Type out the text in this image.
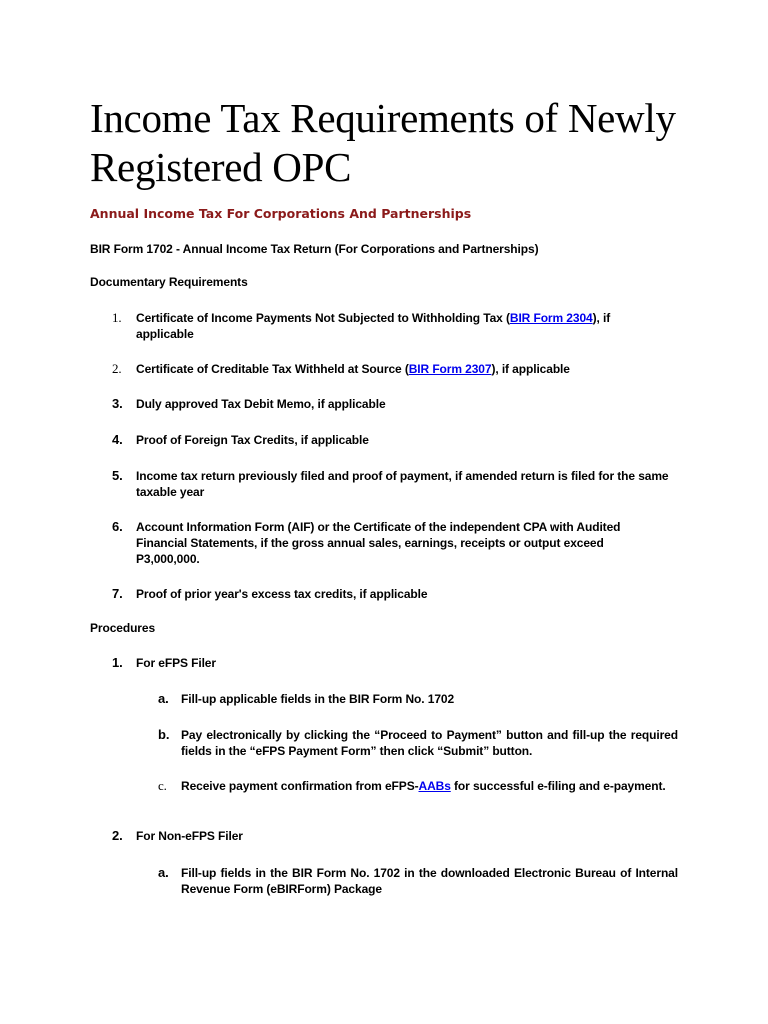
Income Tax Requirements of Newly Registered OPC

Annual Income Tax For Corporations And Partnerships

BIR Form 1702 - Annual Income Tax Return (For Corporations and Partnerships)

Documentary Requirements

1. Certificate of Income Payments Not Subjected to Withholding Tax (BIR Form 2304), if applicable
2. Certificate of Creditable Tax Withheld at Source (BIR Form 2307), if applicable
3. Duly approved Tax Debit Memo, if applicable
4. Proof of Foreign Tax Credits, if applicable
5. Income tax return previously filed and proof of payment, if amended return is filed for the same taxable year
6. Account Information Form (AIF) or the Certificate of the independent CPA with Audited Financial Statements, if the gross annual sales, earnings, receipts or output exceed P3,000,000.
7. Proof of prior year's excess tax credits, if applicable

Procedures

1. For eFPS Filer
a. Fill-up applicable fields in the BIR Form No. 1702
b. Pay electronically by clicking the “Proceed to Payment” button and fill-up the required fields in the “eFPS Payment Form” then click “Submit” button.
c. Receive payment confirmation from eFPS-AABs for successful e-filing and e-payment.
2. For Non-eFPS Filer
a. Fill-up fields in the BIR Form No. 1702 in the downloaded Electronic Bureau of Internal Revenue Form (eBIRForm) Package
